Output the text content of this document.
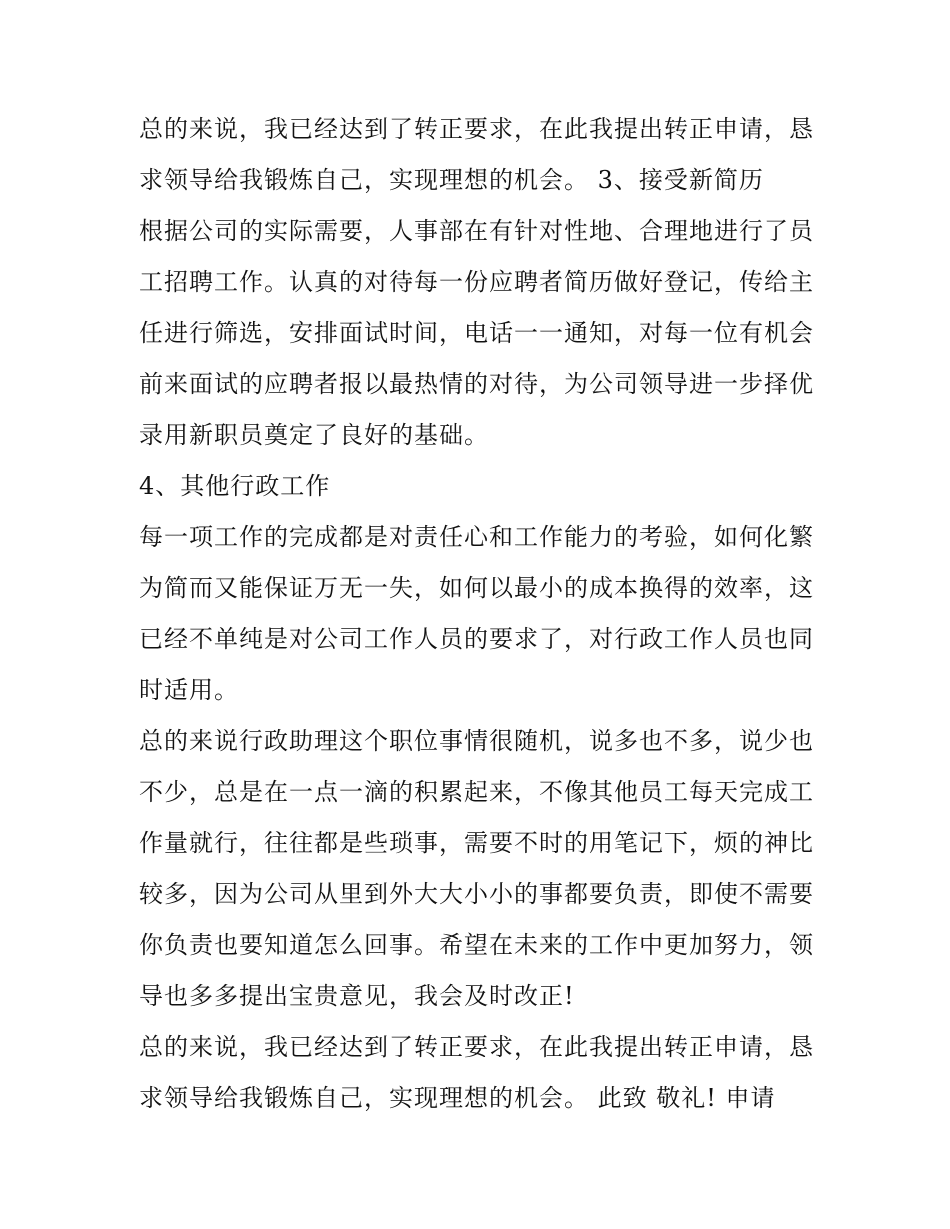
总的来说，我已经达到了转正要求，在此我提出转正申请，恳
求领导给我锻炼自己，实现理想的机会。 3、接受新简历
根据公司的实际需要，人事部在有针对性地、合理地进行了员
工招聘工作。认真的对待每一份应聘者简历做好登记，传给主
任进行筛选，安排面试时间，电话一一通知，对每一位有机会
前来面试的应聘者报以最热情的对待，为公司领导进一步择优
录用新职员奠定了良好的基础。
4、其他行政工作
每一项工作的完成都是对责任心和工作能力的考验，如何化繁
为简而又能保证万无一失，如何以最小的成本换得的效率，这
已经不单纯是对公司工作人员的要求了，对行政工作人员也同
时适用。
总的来说行政助理这个职位事情很随机，说多也不多，说少也
不少，总是在一点一滴的积累起来，不像其他员工每天完成工
作量就行，往往都是些琐事，需要不时的用笔记下，烦的神比
较多，因为公司从里到外大大小小的事都要负责，即使不需要
你负责也要知道怎么回事。希望在未来的工作中更加努力，领
导也多多提出宝贵意见，我会及时改正!
总的来说，我已经达到了转正要求，在此我提出转正申请，恳
求领导给我锻炼自己，实现理想的机会。 此致 敬礼! 申请
